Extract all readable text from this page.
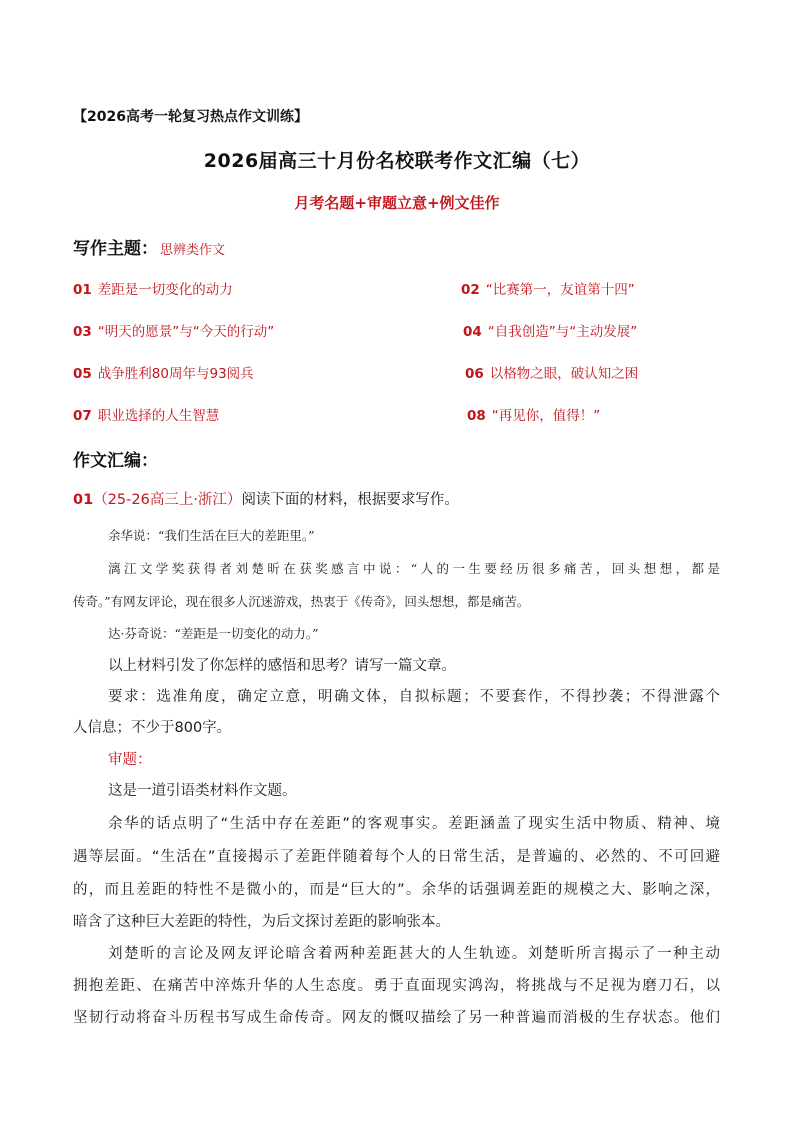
【2026高考一轮复习热点作文训练】
2026届高三十月份名校联考作文汇编（七）
月考名题+审题立意+例文佳作
写作主题： 思辨类作文
01 差距是一切变化的动力	02 “比赛第一，友谊第十四”
03 “明天的愿景”与“今天的行动”	04 “自我创造”与“主动发展”
05 战争胜利80周年与93阅兵	06 以格物之眼，破认知之困
07 职业选择的人生智慧	08 “再见你，值得！”
作文汇编：
01（25-26高三上·浙江）阅读下面的材料，根据要求写作。
余华说：“我们生活在巨大的差距里。”
漓江文学奖获得者刘楚昕在获奖感言中说：“人的一生要经历很多痛苦，回头想想，都是
传奇。”有网友评论，现在很多人沉迷游戏，热衷于《传奇》，回头想想，都是痛苦。
达·芬奇说：“差距是一切变化的动力。”
以上材料引发了你怎样的感悟和思考？请写一篇文章。
要求：选准角度，确定立意，明确文体，自拟标题；不要套作，不得抄袭；不得泄露个
人信息；不少于800字。
审题：
这是一道引语类材料作文题。
余华的话点明了“生活中存在差距”的客观事实。差距涵盖了现实生活中物质、精神、境
遇等层面。“生活在”直接揭示了差距伴随着每个人的日常生活，是普遍的、必然的、不可回避
的，而且差距的特性不是微小的，而是“巨大的”。余华的话强调差距的规模之大、影响之深，
暗含了这种巨大差距的特性，为后文探讨差距的影响张本。
刘楚昕的言论及网友评论暗含着两种差距甚大的人生轨迹。刘楚昕所言揭示了一种主动
拥抱差距、在痛苦中淬炼升华的人生态度。勇于直面现实鸿沟，将挑战与不足视为磨刀石，以
坚韧行动将奋斗历程书写成生命传奇。网友的慨叹描绘了另一种普遍而消极的生存状态。他们
